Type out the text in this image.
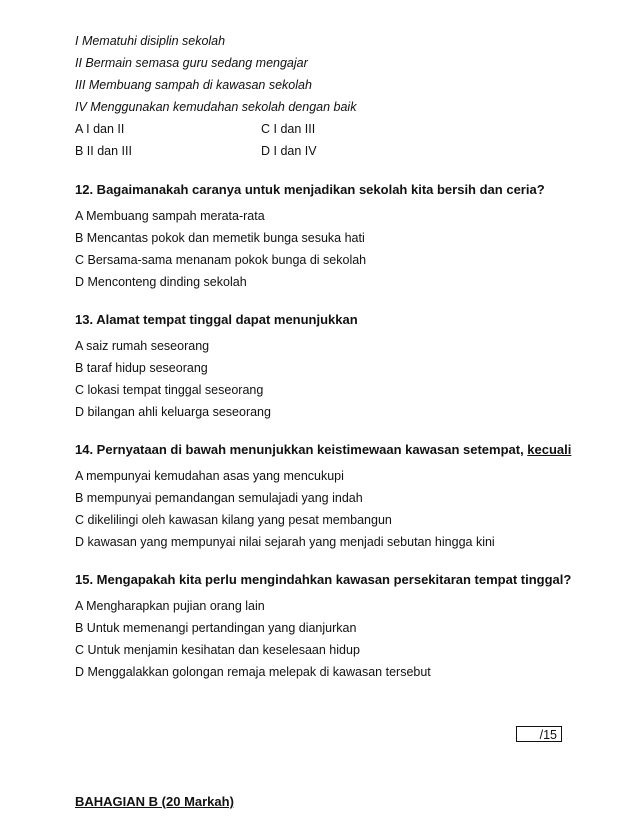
I Mematuhi disiplin sekolah
II Bermain semasa guru sedang mengajar
III Membuang sampah di kawasan sekolah
IV Menggunakan kemudahan sekolah dengan baik
A I dan II	C I dan III
B II dan III	D I dan IV
12. Bagaimanakah caranya untuk menjadikan sekolah kita bersih dan ceria?
A Membuang sampah merata-rata
B Mencantas pokok dan memetik bunga sesuka hati
C Bersama-sama menanam pokok bunga di sekolah
D Menconteng dinding sekolah
13. Alamat tempat tinggal dapat menunjukkan
A saiz rumah seseorang
B taraf hidup seseorang
C lokasi tempat tinggal seseorang
D bilangan ahli keluarga seseorang
14. Pernyataan di bawah menunjukkan keistimewaan kawasan setempat, kecuali
A mempunyai kemudahan asas yang mencukupi
B mempunyai pemandangan semulajadi yang indah
C dikelilingi oleh kawasan kilang yang pesat membangun
D kawasan yang mempunyai nilai sejarah yang menjadi sebutan hingga kini
15. Mengapakah kita perlu mengindahkan kawasan persekitaran tempat tinggal?
A Mengharapkan pujian orang lain
B Untuk memenangi pertandingan yang dianjurkan
C Untuk menjamin kesihatan dan keselesaan hidup
D Menggalakkan golongan remaja melepak di kawasan tersebut
/15
BAHAGIAN B (20 Markah)
